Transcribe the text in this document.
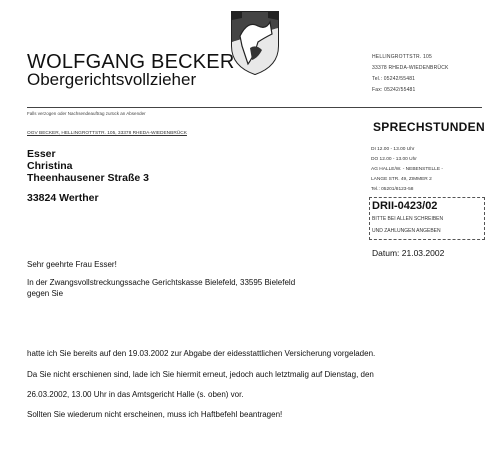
WOLFGANG BECKER
Obergerichtsvollzieher
HELLINGROTTSTR. 105
33378 RHEDA-WIEDENBRÜCK
Tel.: 05242/55481
Fax: 05242/55481
Falls verzogen oder Nachsendeauftrag zurück an Absender
OGV BECKER, HELLINGROTTSTR. 105, 33378 RHEDA-WIEDENBRÜCK
Esser
Christina
Theenhausener Straße 3
33824 Werther
SPRECHSTUNDEN
DI 12.00 - 13.00 Uhr
DO 12.00 - 13.00 Uhr
AG HALLE/W. - NEBENSTELLE -
LANGE STR. 49, ZIMMER 2
Tel.: 05201/8123-58
DRII-0423/02
BITTE BEI ALLEN SCHREIBEN
UND ZAHLUNGEN ANGEBEN
Datum: 21.03.2002
Sehr geehrte Frau Esser!
In der Zwangsvollstreckungssache Gerichtskasse Bielefeld, 33595 Bielefeld
gegen Sie
hatte ich Sie bereits auf den 19.03.2002 zur Abgabe der eidesstattlichen Versicherung vorgeladen.
Da Sie nicht erschienen sind, lade ich Sie hiermit erneut, jedoch auch letztmalig auf Dienstag, den
26.03.2002, 13.00 Uhr in das Amtsgericht Halle (s. oben) vor.
Sollten Sie wiederum nicht erscheinen, muss ich Haftbefehl beantragen!
